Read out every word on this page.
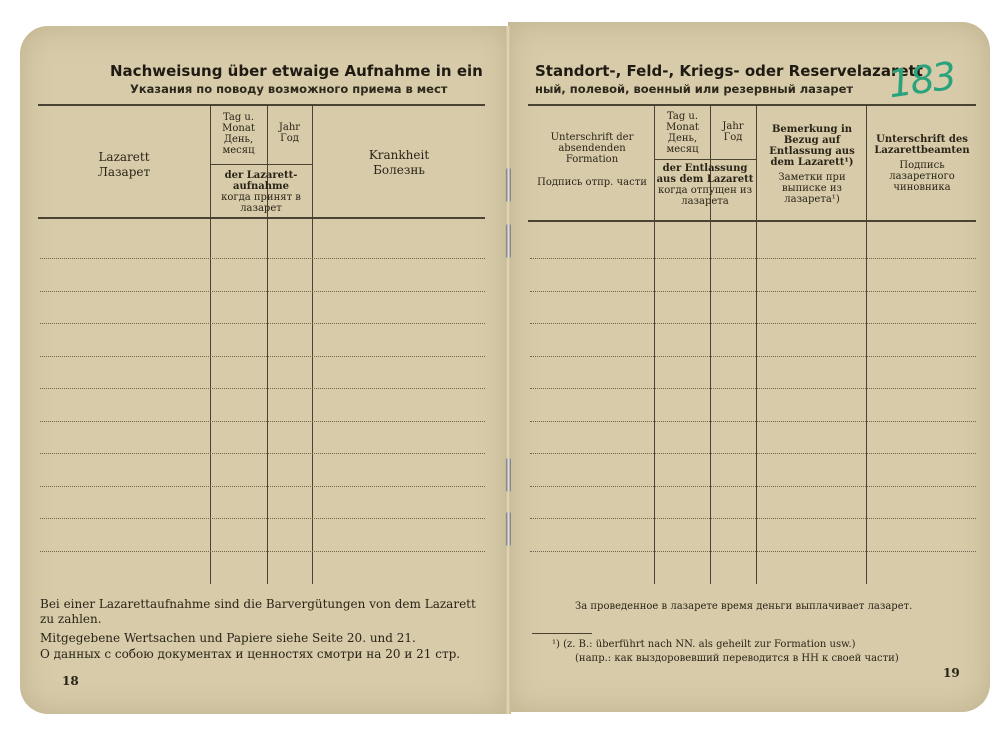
Nachweisung über etwaige Aufnahme in ein
Указания по поводу возможного приема в мест
Lazarett
Лазарет
Tag u. Monat
День, месяц
Jahr
Год
der Lazarett-aufnahme
когда принят в лазарет
Krankheit
Болезнь
Bei einer Lazarettaufnahme sind die Barvergütungen von dem Lazarett zu zahlen.
Mitgegebene Wertsachen und Papiere siehe Seite 20. und 21.
О данных с собою документах и ценностях смотри на 20 и 21 стр.
18
Standort-, Feld-, Kriegs- oder Reservelazarett
ный, полевой, военный или резервный лазарет 183
Unterschrift der absendenden Formation
Подпись отпр. части
Tag u. Monat
День, месяц
Jahr
Год
der Entlassung aus dem Lazarett
когда отпущен из лазарета
Bemerkung in Bezug auf Entlassung aus dem Lazarett¹)
Заметки при выписке из лазарета¹)
Unterschrift des Lazarettbeamten
Подпись лазаретного чиновника
За проведенное в лазарете время деньги выплачивает лазарет.
¹) (z. B.: überführt nach NN. als geheilt zur Formation usw.)
(напр.: как выздоровевший переводится в НН к своей части)
19
